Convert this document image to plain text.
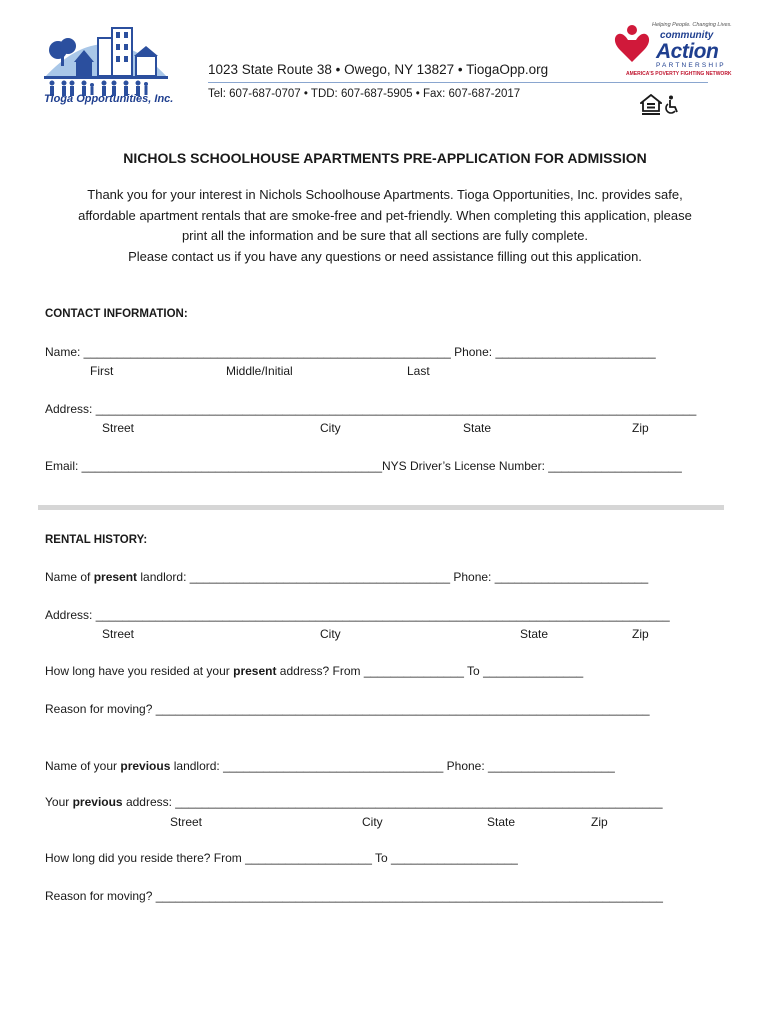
Tioga Opportunities, Inc.
1023 State Route 38 • Owego, NY 13827 • TiogaOpp.org
Tel: 607-687-0707 • TDD: 607-687-5905 • Fax: 607-687-2017
Helping People. Changing Lives.
community
Action
PARTNERSHIP
AMERICA'S POVERTY FIGHTING NETWORK
NICHOLS SCHOOLHOUSE APARTMENTS PRE-APPLICATION FOR ADMISSION

Thank you for your interest in Nichols Schoolhouse Apartments. Tioga Opportunities, Inc. provides safe,

affordable apartment rentals that are smoke-free and pet-friendly. When completing this application, please

print all the information and be sure that all sections are fully complete.

Please contact us if you have any questions or need assistance filling out this application.

CONTACT INFORMATION:
Name: _______________________________________________________ Phone: ________________________
First	Middle/Initial	Last
Address: __________________________________________________________________________________________
Street	City	State	Zip
Email: _____________________________________________NYS Driver’s License Number: ____________________
RENTAL HISTORY:
Name of present landlord: _______________________________________ Phone: _______________________
Address: ______________________________________________________________________________________
Street	City	State	Zip
How long have you resided at your present address? From _______________ To _______________
Reason for moving? __________________________________________________________________________
Name of your previous landlord: _________________________________ Phone: ___________________
Your previous address: _________________________________________________________________________
Street	City	State	Zip
How long did you reside there? From ___________________ To ___________________
Reason for moving? ____________________________________________________________________________
